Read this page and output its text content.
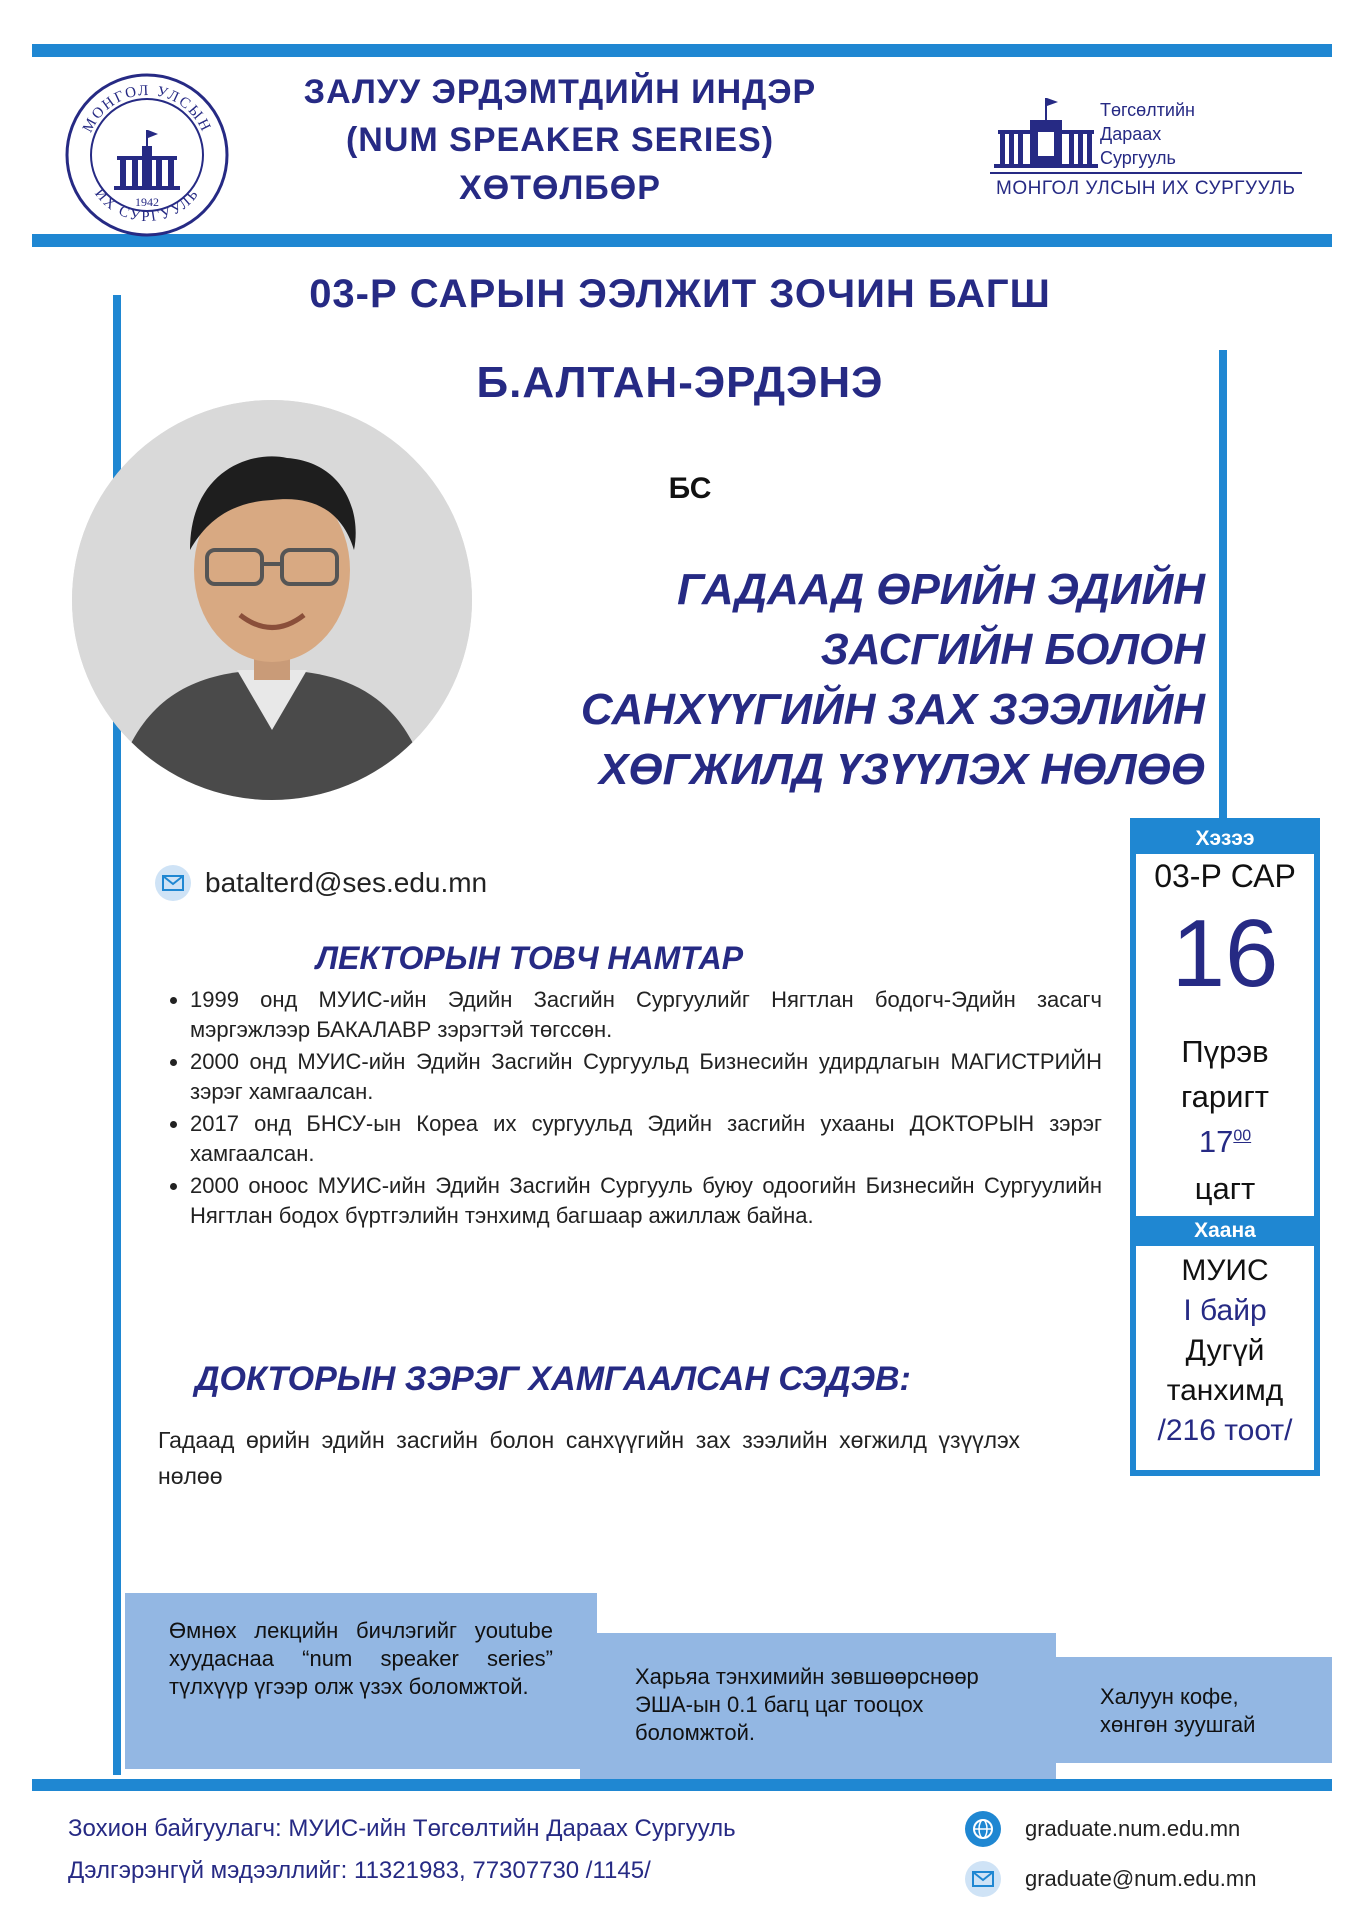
МОНГОЛ УЛСЫН
ИХ СУРГУУЛЬ
1942
ЗАЛУУ ЭРДЭМТДИЙН ИНДЭР
(NUM SPEAKER SERIES)
ХӨТӨЛБӨР
Төгсөлтийн
Дараах
Сургууль
МОНГОЛ УЛСЫН ИХ СУРГУУЛЬ
03-Р САРЫН ЭЭЛЖИТ ЗОЧИН БАГШ
Б.АЛТАН-ЭРДЭНЭ
БС
ГАДААД ӨРИЙН ЭДИЙН
ЗАСГИЙН БОЛОН
САНХҮҮГИЙН ЗАХ ЗЭЭЛИЙН
ХӨГЖИЛД ҮЗҮҮЛЭХ НӨЛӨӨ
batalterd@ses.edu.mn
ЛЕКТОРЫН ТОВЧ НАМТАР
• 1999 онд МУИС-ийн Эдийн Засгийн Сургуулийг Нягтлан бодогч-Эдийн засагч мэргэжлээр БАКАЛАВР зэрэгтэй төгссөн.
• 2000 онд МУИС-ийн Эдийн Засгийн Сургуульд Бизнесийн удирдлагын МАГИСТРИЙН зэрэг хамгаалсан.
• 2017 онд БНСУ-ын Кореа их сургуульд Эдийн засгийн ухааны ДОКТОРЫН зэрэг хамгаалсан.
• 2000 оноос МУИС-ийн Эдийн Засгийн Сургууль буюу одоогийн Бизнесийн Сургуулийн Нягтлан бодох бүртгэлийн тэнхимд багшаар ажиллаж байна.
ДОКТОРЫН ЗЭРЭГ ХАМГААЛСАН СЭДЭВ:
Гадаад өрийн эдийн засгийн болон санхүүгийн зах зээлийн хөгжилд үзүүлэх нөлөө
Хэзээ
03-Р САР
16
Пүрэв
гаригт
$17^{00}$
цагт
Хаана
МУИС
I байр
Дугүй
танхимд
/216 тоот/
Өмнөх лекцийн бичлэгийг youtube хуудаснаа “num speaker series” түлхүүр үгээр олж үзэх боломжтой.	Харьяа тэнхимийн зөвшөөрснөөр ЭША-ын 0.1 багц цаг тооцох боломжтой.
Халуун кофе, хөнгөн зуушгай
Зохион байгуулагч: МУИС-ийн Төгсөлтийн Дараах Сургууль
Дэлгэрэнгүй мэдээллийг: 11321983, 77307730 /1145/
graduate.num.edu.mn
graduate@num.edu.mn
